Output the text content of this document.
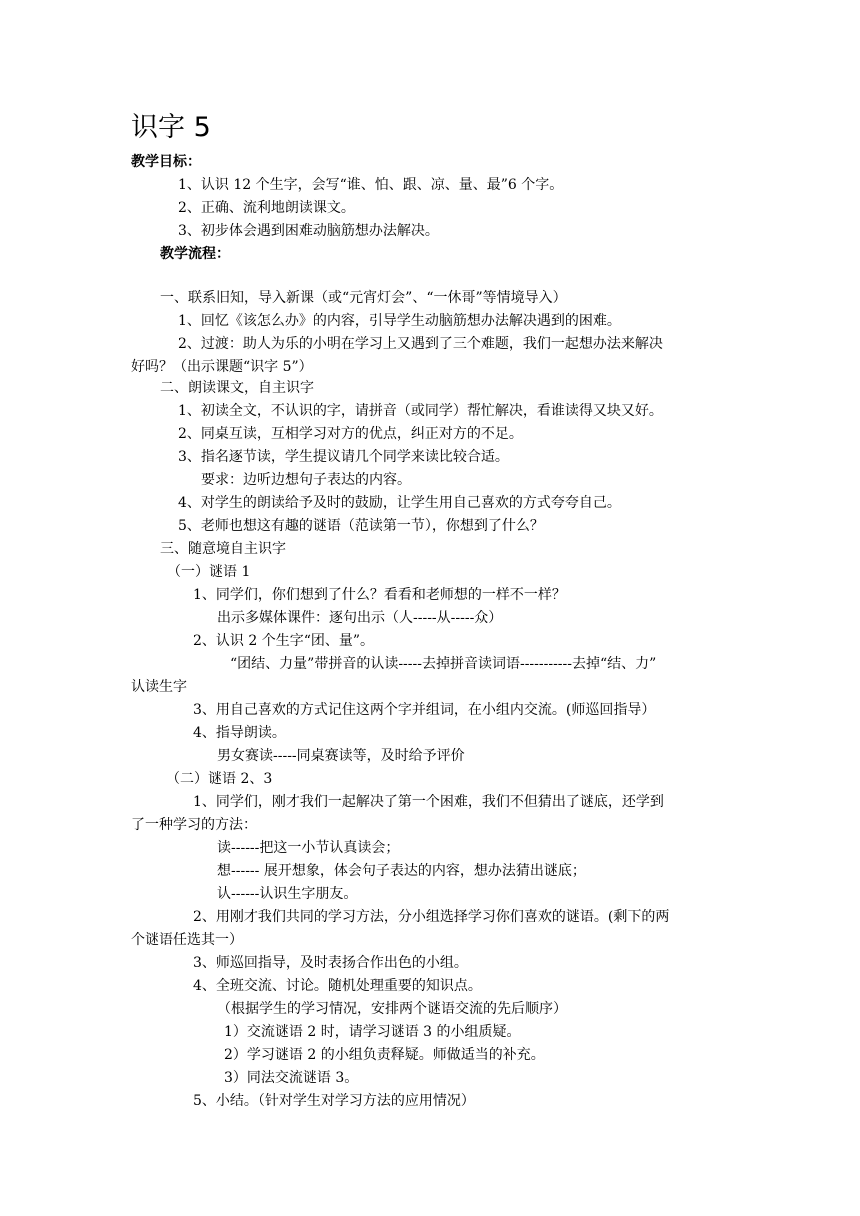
识字 5
教学目标：
1、认识 12 个生字，会写“谁、怕、跟、凉、量、最”6 个字。
2、正确、流利地朗读课文。
3、初步体会遇到困难动脑筋想办法解决。
教学流程：
一、联系旧知，导入新课（或“元宵灯会”、“一休哥”等情境导入）
1、回忆《该怎么办》的内容，引导学生动脑筋想办法解决遇到的困难。
2、过渡：助人为乐的小明在学习上又遇到了三个难题，我们一起想办法来解决
好吗？（出示课题“识字 5”）
二、朗读课文，自主识字
1、初读全文，不认识的字，请拼音（或同学）帮忙解决，看谁读得又块又好。
2、同桌互读，互相学习对方的优点，纠正对方的不足。
3、指名逐节读，学生提议请几个同学来读比较合适。
要求：边听边想句子表达的内容。
4、对学生的朗读给予及时的鼓励，让学生用自己喜欢的方式夸夸自己。
5、老师也想这有趣的谜语（范读第一节），你想到了什么？
三、随意境自主识字
（一）谜语 1
1、同学们，你们想到了什么？看看和老师想的一样不一样？
出示多媒体课件：逐句出示（人-----从-----众）
2、认识 2 个生字“团、量”。
“团结、力量”带拼音的认读-----去掉拼音读词语-----------去掉“结、力”
认读生字
3、用自己喜欢的方式记住这两个字并组词，在小组内交流。(师巡回指导）
4、指导朗读。
男女赛读-----同桌赛读等，及时给予评价
（二）谜语 2、3
1、同学们，刚才我们一起解决了第一个困难，我们不但猜出了谜底，还学到
了一种学习的方法：
读------把这一小节认真读会；
想------ 展开想象，体会句子表达的内容，想办法猜出谜底；
认------认识生字朋友。
2、用刚才我们共同的学习方法，分小组选择学习你们喜欢的谜语。(剩下的两
个谜语任选其一）
3、师巡回指导，及时表扬合作出色的小组。
4、全班交流、讨论。随机处理重要的知识点。
（根据学生的学习情况，安排两个谜语交流的先后顺序）
1）交流谜语 2 时，请学习谜语 3 的小组质疑。
2）学习谜语 2 的小组负责释疑。师做适当的补充。
3）同法交流谜语 3。
5、小结。（针对学生对学习方法的应用情况）
